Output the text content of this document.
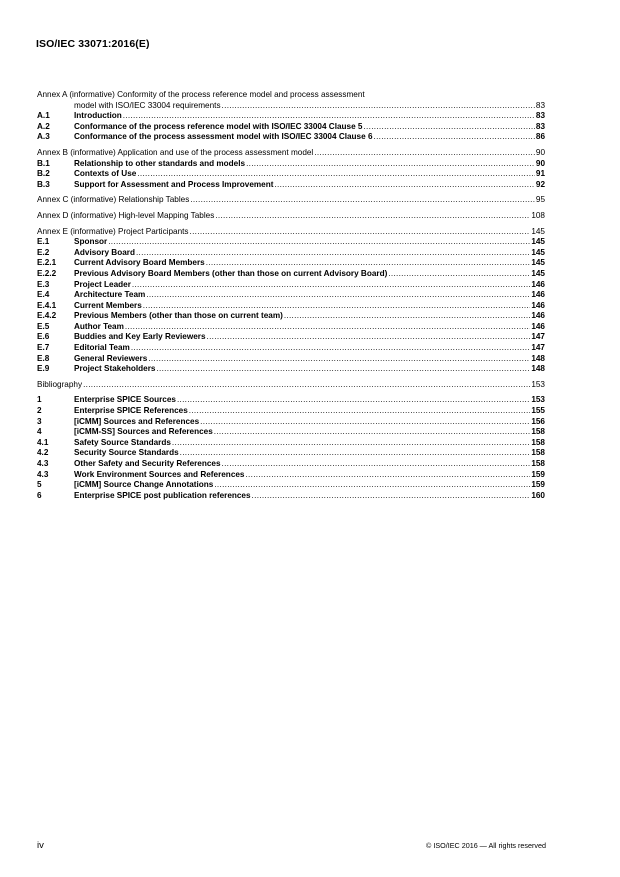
ISO/IEC 33071:2016(E)
Annex A (informative) Conformity of the process reference model and process assessment
model with ISO/IEC 33004 requirements .....	83
A.1	Introduction .....	83
A.2	Conformance of the process reference model with ISO/IEC 33004 Clause 5 .....	83
A.3	Conformance of the process assessment model with ISO/IEC 33004 Clause 6 .....	86
Annex B (informative) Application and use of the process assessment model .....	90
B.1	Relationship to other standards and models .....	90
B.2	Contexts of Use .....	91
B.3	Support for Assessment and Process Improvement .....	92
Annex C (informative) Relationship Tables .....	95
Annex D (informative) High-level Mapping Tables .....	108
Annex E (informative) Project Participants .....	145
E.1	Sponsor .....	145
E.2	Advisory Board .....	145
E.2.1	Current Advisory Board Members .....	145
E.2.2	Previous Advisory Board Members (other than those on current Advisory Board) .....	145
E.3	Project Leader .....	146
E.4	Architecture Team .....	146
E.4.1	Current Members .....	146
E.4.2	Previous Members (other than those on current team) .....	146
E.5	Author Team .....	146
E.6	Buddies and Key Early Reviewers .....	147
E.7	Editorial Team .....	147
E.8	General Reviewers .....	148
E.9	Project Stakeholders .....	148
Bibliography .....	153
1	Enterprise SPICE Sources .....	153
2	Enterprise SPICE References .....	155
3	[iCMM] Sources and References .....	156
4	[iCMM-SS] Sources and References .....	158
4.1	Safety Source Standards .....	158
4.2	Security Source Standards .....	158
4.3	Other Safety and Security References .....	158
4.3	Work Environment Sources and References .....	159
5	[iCMM] Source Change Annotations .....	159
6	Enterprise SPICE post publication references .....	160
iv	© ISO/IEC 2016 — All rights reserved
